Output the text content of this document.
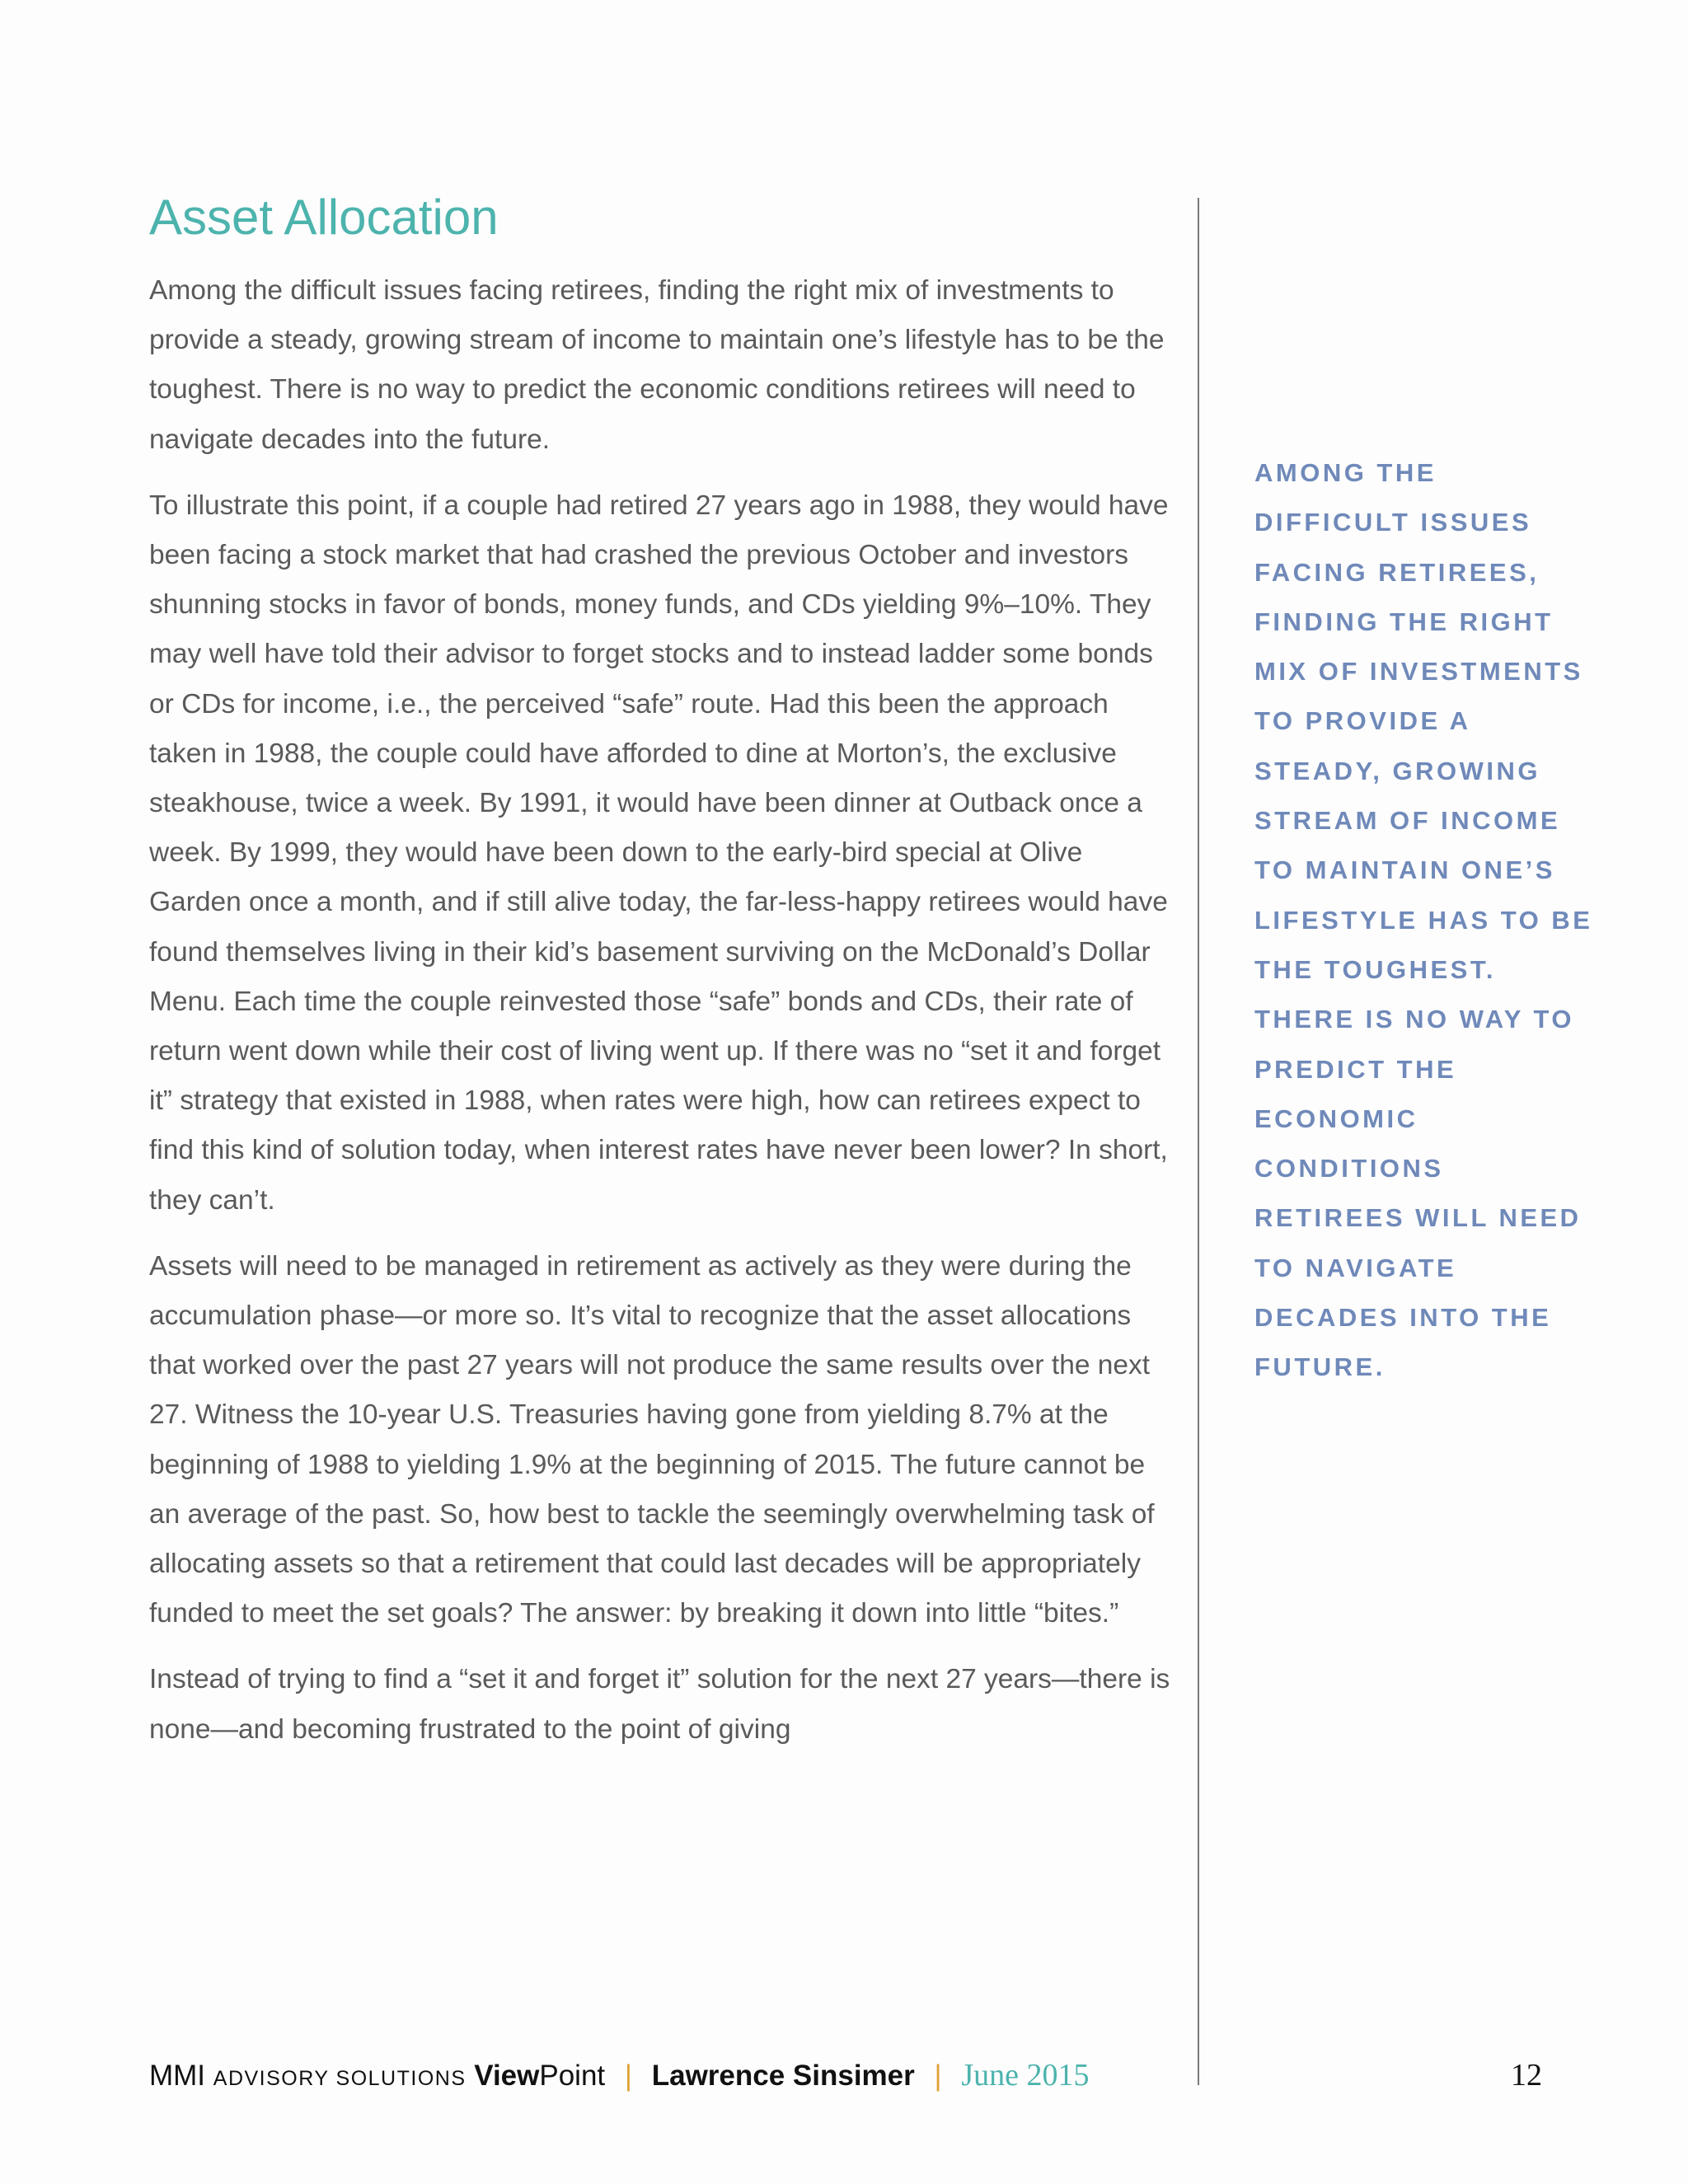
Asset Allocation

Among the difficult issues facing retirees, finding the right mix of investments to provide a steady, growing stream of income to maintain one’s lifestyle has to be the toughest. There is no way to predict the economic conditions retirees will need to navigate decades into the future.

To illustrate this point, if a couple had retired 27 years ago in 1988, they would have been facing a stock market that had crashed the previous October and investors shunning stocks in favor of bonds, money funds, and CDs yielding 9%–10%. They may well have told their advisor to forget stocks and to instead ladder some bonds or CDs for income, i.e., the perceived “safe” route. Had this been the approach taken in 1988, the couple could have afforded to dine at Morton’s, the exclusive steakhouse, twice a week. By 1991, it would have been dinner at Outback once a week. By 1999, they would have been down to the early-bird special at Olive Garden once a month, and if still alive today, the far-less-happy retirees would have found themselves living in their kid’s basement surviving on the McDonald’s Dollar Menu. Each time the couple reinvested those “safe” bonds and CDs, their rate of return went down while their cost of living went up. If there was no “set it and forget it” strategy that existed in 1988, when rates were high, how can retirees expect to find this kind of solution today, when interest rates have never been lower? In short, they can’t.

Assets will need to be managed in retirement as actively as they were during the accumulation phase—or more so. It’s vital to recognize that the asset allocations that worked over the past 27 years will not produce the same results over the next 27. Witness the 10-year U.S. Treasuries having gone from yielding 8.7% at the beginning of 1988 to yielding 1.9% at the beginning of 2015. The future cannot be an average of the past. So, how best to tackle the seemingly overwhelming task of allocating assets so that a retirement that could last decades will be appropriately funded to meet the set goals? The answer: by breaking it down into little “bites.”

Instead of trying to find a “set it and forget it” solution for the next 27 years—there is none—and becoming frustrated to the point of giving

AMONG THE DIFFICULT ISSUES FACING RETIREES, FINDING THE RIGHT MIX OF INVESTMENTS TO PROVIDE A STEADY, GROWING STREAM OF INCOME TO MAINTAIN ONE’S LIFESTYLE HAS TO BE THE TOUGHEST. THERE IS NO WAY TO PREDICT THE ECONOMIC CONDITIONS RETIREES WILL NEED TO NAVIGATE DECADES INTO THE FUTURE.

MMI ADVISORY SOLUTIONS ViewPoint | Lawrence Sinsimer | June 2015	12
